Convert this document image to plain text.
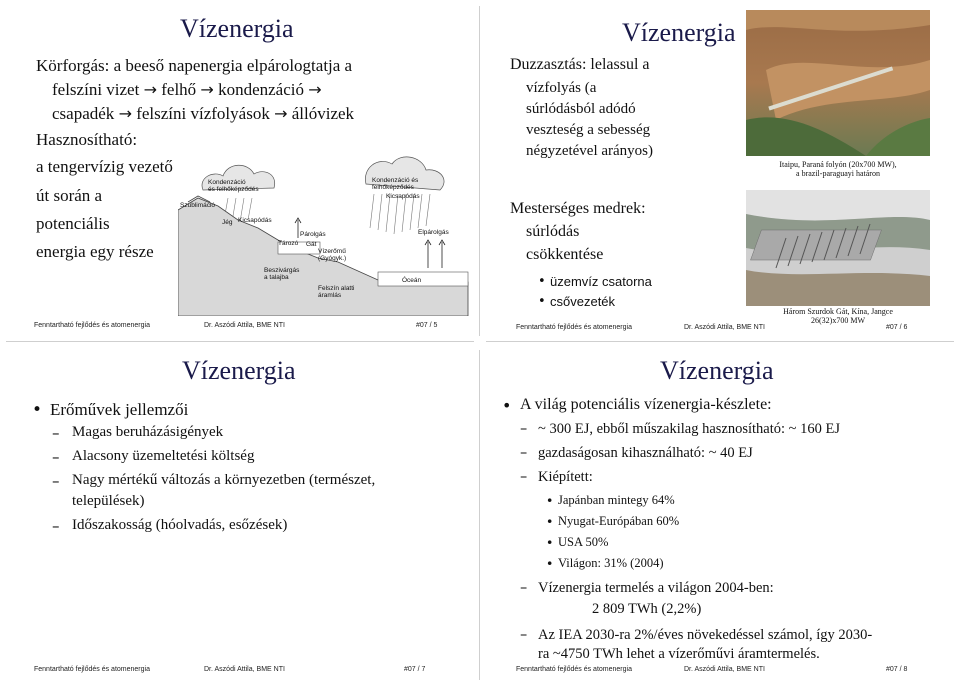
Vízenergia
Körforgás: a beeső napenergia elpárologtatja a
felszíni vizet → felhő → kondenzáció →
csapadék → felszíni vízfolyások → állóvizek
Hasznosítható:
a tengervízig vezető
út során a
potenciális
energia egy része
Kondenzáció és felhőképződés
Kondenzáció és felhőképződés
Szublimáció
Jég Kicsapódás
Kicsapódás
Párolgás	Elpárolgás
Tározó Gát
Vízerőmű (Gyógyk.)
Beszivárgás a talajba
Felszín alatti áramlás
Óceán
Fenntartható fejlődés és atomenergia	Dr. Aszódi Attila, BME NTI	#07 / 5
Vízenergia
Duzzasztás: lelassul a
vízfolyás (a
súrlódásból adódó
veszteség a sebesség
négyzetével arányos)
Mesterséges medrek:
súrlódás
csökkentése
• üzemvíz csatorna
• csővezeték
Itaipu, Paraná folyón (20x700 MW),
a brazil-paraguayi határon
Három Szurdok Gát, Kína, Jangce
26(32)x700 MW
Fenntartható fejlődés és atomenergia	Dr. Aszódi Attila, BME NTI	#07 / 6
Vízenergia
• Erőművek jellemzői
– Magas beruházásigények
– Alacsony üzemeltetési költség
– Nagy mértékű változás a környezetben (természet,
települések)
– Időszakosság (hóolvadás, esőzések)
Fenntartható fejlődés és atomenergia	Dr. Aszódi Attila, BME NTI	#07 / 7
Vízenergia
• A világ potenciális vízenergia-készlete:
– ~ 300 EJ, ebből műszakilag hasznosítható: ~ 160 EJ
– gazdaságosan kihasználható: ~ 40 EJ
– Kiépített:
• Japánban mintegy 64%
• Nyugat-Európában 60%
• USA 50%
• Világon: 31% (2004)
– Vízenergia termelés a világon 2004-ben:
2 809 TWh (2,2%)
– Az IEA 2030-ra 2%/éves növekedéssel számol, így 2030-
ra ~4750 TWh lehet a vízerőművi áramtermelés.
Fenntartható fejlődés és atomenergia	Dr. Aszódi Attila, BME NTI	#07 / 8
